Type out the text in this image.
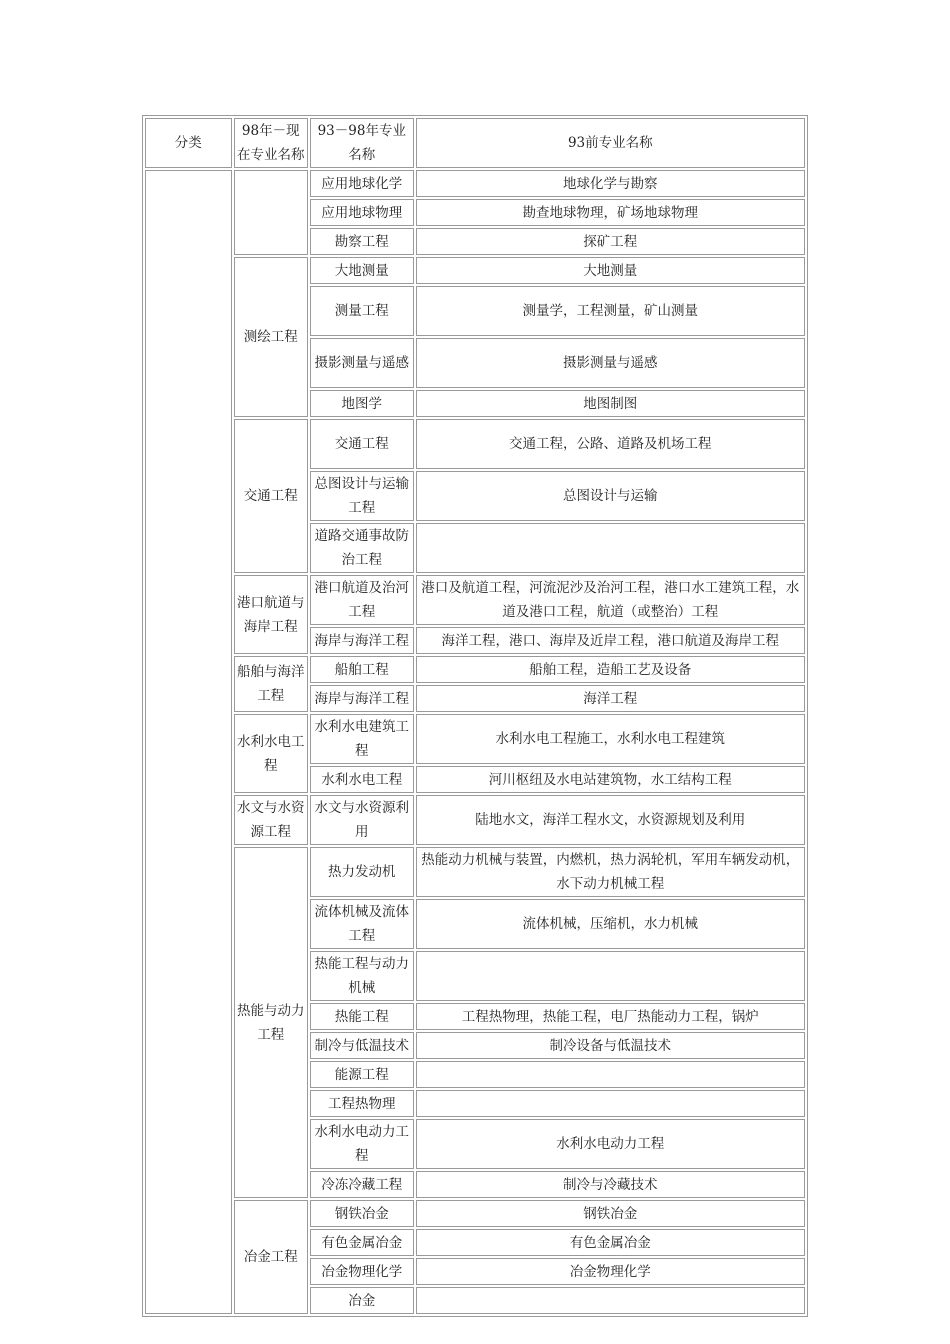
分类	98年－现在专业名称	93－98年专业名称	93前专业名称
		应用地球化学	地球化学与勘察
		应用地球物理	勘查地球物理，矿场地球物理
		勘察工程	探矿工程
	测绘工程	大地测量	大地测量
		测量工程	测量学，工程测量，矿山测量
		摄影测量与遥感	摄影测量与遥感
		地图学	地图制图
	交通工程	交通工程	交通工程，公路、道路及机场工程
		总图设计与运输工程	总图设计与运输
		道路交通事故防治工程	
	港口航道与海岸工程	港口航道及治河工程	港口及航道工程，河流泥沙及治河工程，港口水工建筑工程，水道及港口工程，航道（或整治）工程
		海岸与海洋工程	海洋工程，港口、海岸及近岸工程，港口航道及海岸工程
	船舶与海洋工程	船舶工程	船舶工程，造船工艺及设备
		海岸与海洋工程	海洋工程
	水利水电工程	水利水电建筑工程	水利水电工程施工，水利水电工程建筑
		水利水电工程	河川枢纽及水电站建筑物，水工结构工程
	水文与水资源工程	水文与水资源利用	陆地水文，海洋工程水文，水资源规划及利用
	热能与动力工程	热力发动机	热能动力机械与装置，内燃机，热力涡轮机，军用车辆发动机，水下动力机械工程
		流体机械及流体工程	流体机械，压缩机，水力机械
		热能工程与动力机械	
		热能工程	工程热物理，热能工程，电厂热能动力工程，锅炉
		制冷与低温技术	制冷设备与低温技术
		能源工程	
		工程热物理	
		水利水电动力工程	水利水电动力工程
		冷冻冷藏工程	制冷与冷藏技术
	冶金工程	钢铁冶金	钢铁冶金
		有色金属冶金	有色金属冶金
		冶金物理化学	冶金物理化学
		冶金	
